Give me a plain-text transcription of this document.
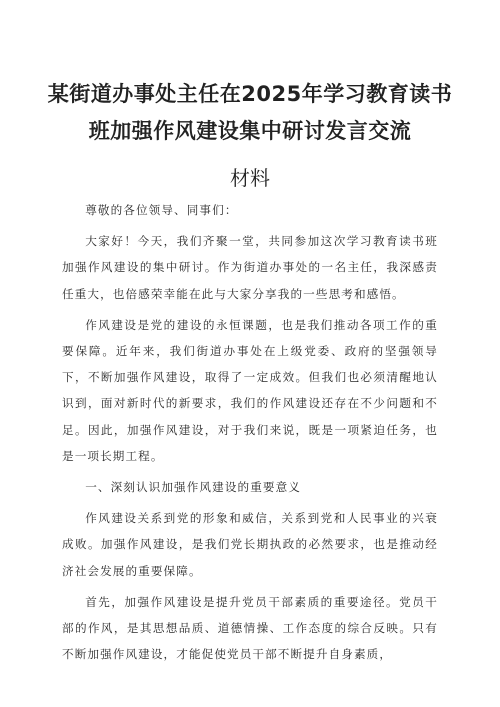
某街道办事处主任在2025年学习教育读书
班加强作风建设集中研讨发言交流
材料

尊敬的各位领导、同事们：

大家好！今天，我们齐聚一堂，共同参加这次学习教育读书班加强作风建设的集中研讨。作为街道办事处的一名主任，我深感责任重大，也倍感荣幸能在此与大家分享我的一些思考和感悟。

作风建设是党的建设的永恒课题，也是我们推动各项工作的重要保障。近年来，我们街道办事处在上级党委、政府的坚强领导下，不断加强作风建设，取得了一定成效。但我们也必须清醒地认识到，面对新时代的新要求，我们的作风建设还存在不少问题和不足。因此，加强作风建设，对于我们来说，既是一项紧迫任务，也是一项长期工程。

一、深刻认识加强作风建设的重要意义

作风建设关系到党的形象和威信，关系到党和人民事业的兴衰成败。加强作风建设，是我们党长期执政的必然要求，也是推动经济社会发展的重要保障。

首先，加强作风建设是提升党员干部素质的重要途径。党员干部的作风，是其思想品质、道德情操、工作态度的综合反映。只有不断加强作风建设，才能促使党员干部不断提升自身素质，
